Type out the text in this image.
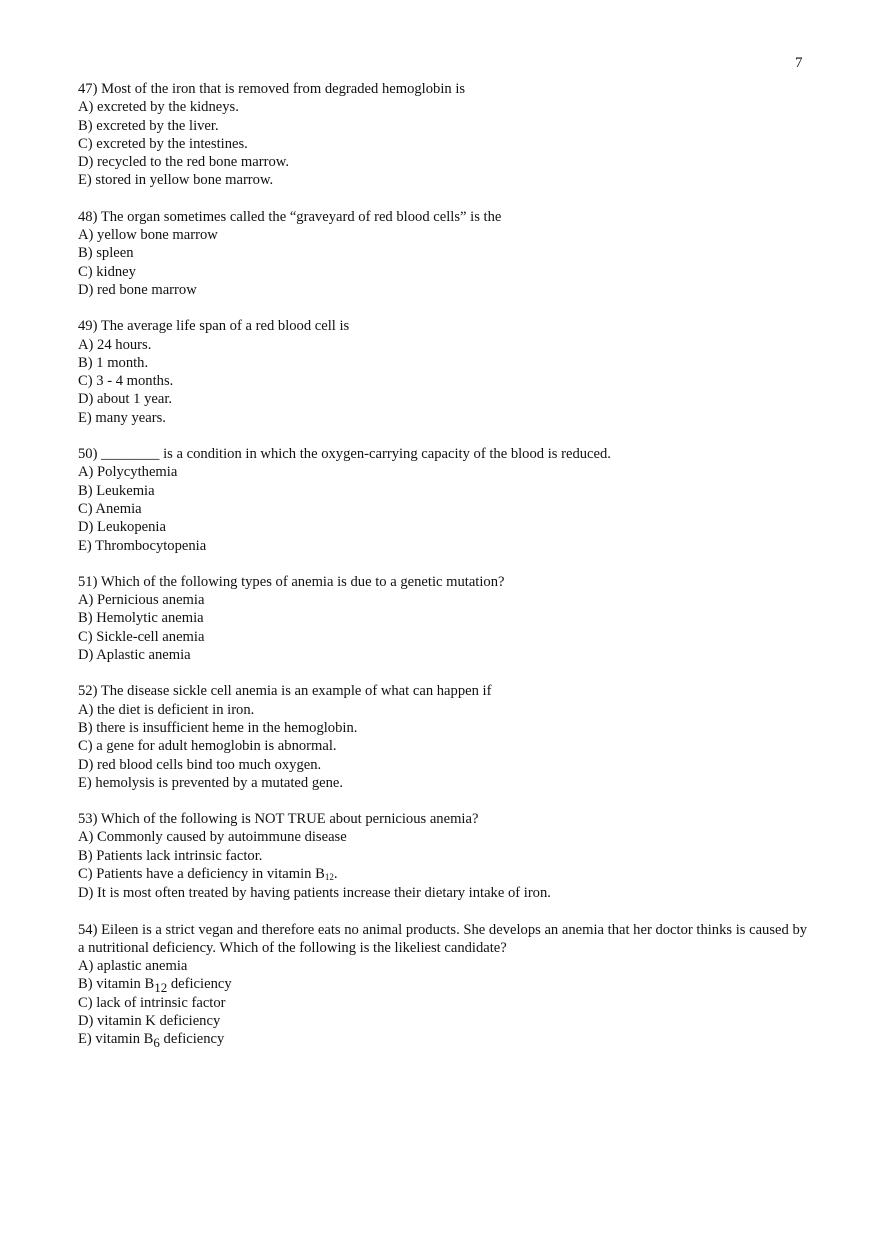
7
47) Most of the iron that is removed from degraded hemoglobin is
A) excreted by the kidneys.
B) excreted by the liver.
C) excreted by the intestines.
D) recycled to the red bone marrow.
E) stored in yellow bone marrow.
48) The organ sometimes called the “graveyard of red blood cells” is the
A) yellow bone marrow
B) spleen
C) kidney
D) red bone marrow
49) The average life span of a red blood cell is
A) 24 hours.
B) 1 month.
C) 3 - 4 months.
D) about 1 year.
E) many years.
50) ________ is a condition in which the oxygen-carrying capacity of the blood is reduced.
A) Polycythemia
B) Leukemia
C) Anemia
D) Leukopenia
E) Thrombocytopenia
51) Which of the following types of anemia is due to a genetic mutation?
A) Pernicious anemia
B) Hemolytic anemia
C) Sickle-cell anemia
D) Aplastic anemia
52) The disease sickle cell anemia is an example of what can happen if
A) the diet is deficient in iron.
B) there is insufficient heme in the hemoglobin.
C) a gene for adult hemoglobin is abnormal.
D) red blood cells bind too much oxygen.
E) hemolysis is prevented by a mutated gene.
53) Which of the following is NOT TRUE about pernicious anemia?
A) Commonly caused by autoimmune disease
B) Patients lack intrinsic factor.
C) Patients have a deficiency in vitamin B12.
D) It is most often treated by having patients increase their dietary intake of iron.
54) Eileen is a strict vegan and therefore eats no animal products. She develops an anemia that her doctor thinks is caused by a nutritional deficiency. Which of the following is the likeliest candidate?
A) aplastic anemia
B) vitamin B12 deficiency
C) lack of intrinsic factor
D) vitamin K deficiency
E) vitamin B6 deficiency
